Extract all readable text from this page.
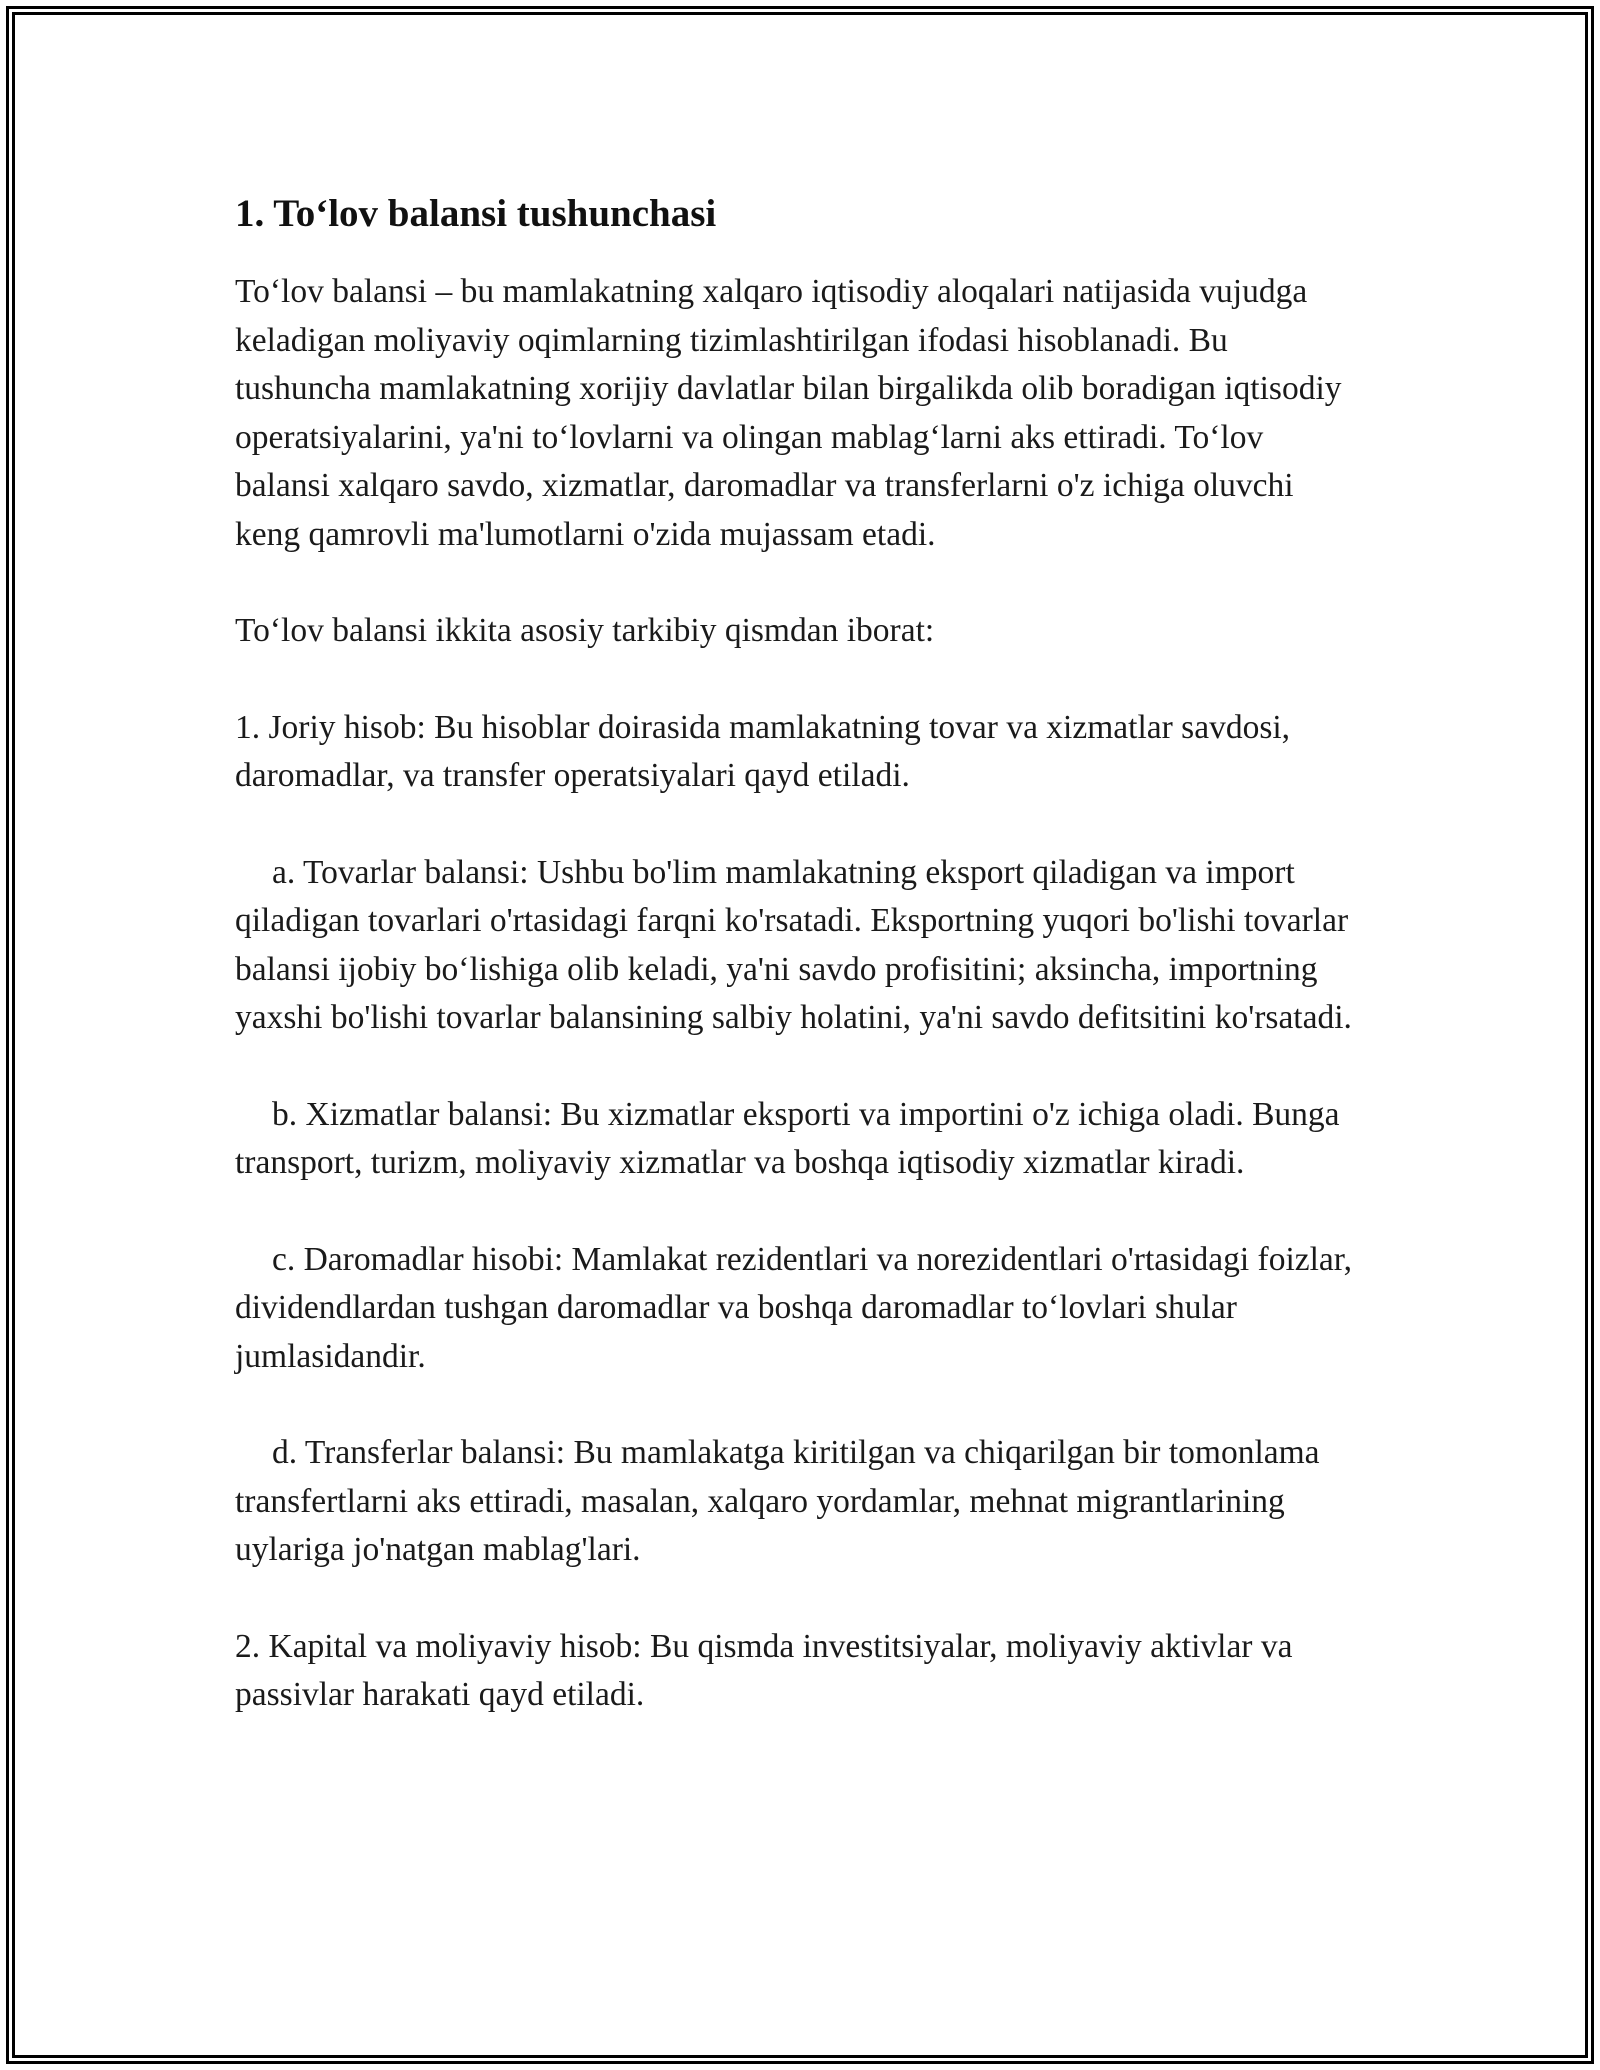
1. To‘lov balansi tushunchasi

To‘lov balansi – bu mamlakatning xalqaro iqtisodiy aloqalari natijasida vujudga keladigan moliyaviy oqimlarning tizimlashtirilgan ifodasi hisoblanadi. Bu tushuncha mamlakatning xorijiy davlatlar bilan birgalikda olib boradigan iqtisodiy operatsiyalarini, ya'ni to‘lovlarni va olingan mablag‘larni aks ettiradi. To‘lov balansi xalqaro savdo, xizmatlar, daromadlar va transferlarni o'z ichiga oluvchi keng qamrovli ma'lumotlarni o'zida mujassam etadi.

To‘lov balansi ikkita asosiy tarkibiy qismdan iborat:

1. Joriy hisob: Bu hisoblar doirasida mamlakatning tovar va xizmatlar savdosi, daromadlar, va transfer operatsiyalari qayd etiladi.

a. Tovarlar balansi: Ushbu bo'lim mamlakatning eksport qiladigan va import qiladigan tovarlari o'rtasidagi farqni ko'rsatadi. Eksportning yuqori bo'lishi tovarlar balansi ijobiy bo‘lishiga olib keladi, ya'ni savdo profisitini; aksincha, importning yaxshi bo'lishi tovarlar balansining salbiy holatini, ya'ni savdo defitsitini ko'rsatadi.

b. Xizmatlar balansi: Bu xizmatlar eksporti va importini o'z ichiga oladi. Bunga transport, turizm, moliyaviy xizmatlar va boshqa iqtisodiy xizmatlar kiradi.

c. Daromadlar hisobi: Mamlakat rezidentlari va norezidentlari o'rtasidagi foizlar, dividendlardan tushgan daromadlar va boshqa daromadlar to‘lovlari shular jumlasidandir.

d. Transferlar balansi: Bu mamlakatga kiritilgan va chiqarilgan bir tomonlama transfertlarni aks ettiradi, masalan, xalqaro yordamlar, mehnat migrantlarining uylariga jo'natgan mablag'lari.

2. Kapital va moliyaviy hisob: Bu qismda investitsiyalar, moliyaviy aktivlar va passivlar harakati qayd etiladi.
